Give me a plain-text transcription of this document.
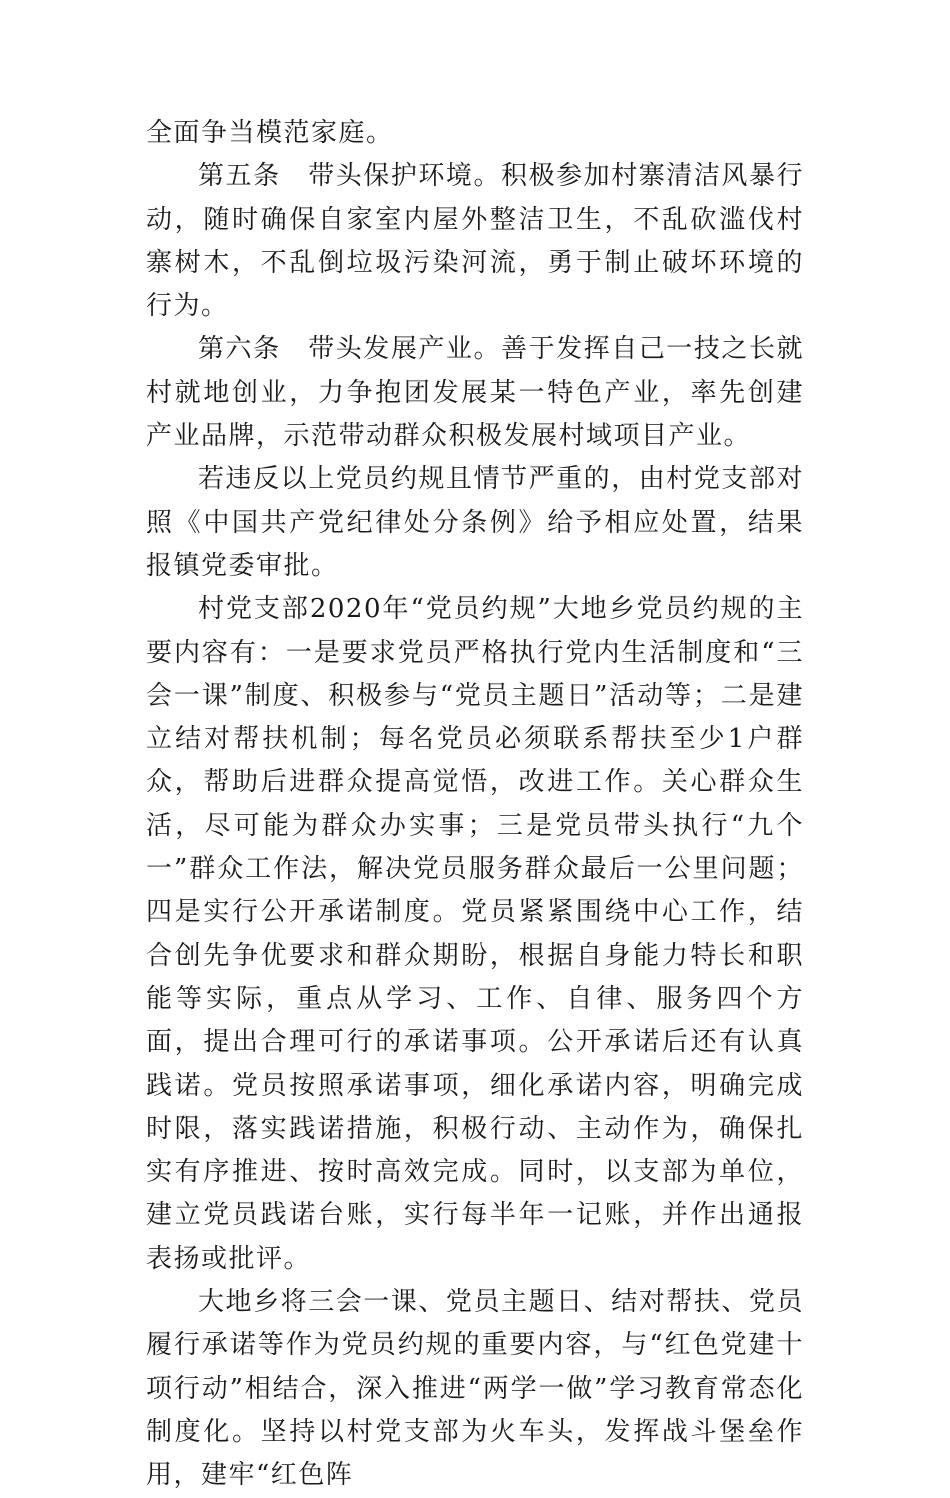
全面争当模范家庭。

第五条　带头保护环境。积极参加村寨清洁风暴行动，随时确保自家室内屋外整洁卫生，不乱砍滥伐村寨树木，不乱倒垃圾污染河流，勇于制止破坏环境的行为。

第六条　带头发展产业。善于发挥自己一技之长就村就地创业，力争抱团发展某一特色产业，率先创建产业品牌，示范带动群众积极发展村域项目产业。

若违反以上党员约规且情节严重的，由村党支部对照《中国共产党纪律处分条例》给予相应处置，结果报镇党委审批。

村党支部2020年“党员约规”大地乡党员约规的主要内容有：一是要求党员严格执行党内生活制度和“三会一课”制度、积极参与“党员主题日”活动等；二是建立结对帮扶机制；每名党员必须联系帮扶至少1户群众，帮助后进群众提高觉悟，改进工作。关心群众生活，尽可能为群众办实事；三是党员带头执行“九个一”群众工作法，解决党员服务群众最后一公里问题；四是实行公开承诺制度。党员紧紧围绕中心工作，结合创先争优要求和群众期盼，根据自身能力特长和职能等实际，重点从学习、工作、自律、服务四个方面，提出合理可行的承诺事项。公开承诺后还有认真践诺。党员按照承诺事项，细化承诺内容，明确完成时限，落实践诺措施，积极行动、主动作为，确保扎实有序推进、按时高效完成。同时，以支部为单位，建立党员践诺台账，实行每半年一记账，并作出通报表扬或批评。

大地乡将三会一课、党员主题日、结对帮扶、党员履行承诺等作为党员约规的重要内容，与“红色党建十项行动”相结合，深入推进“两学一做”学习教育常态化制度化。坚持以村党支部为火车头，发挥战斗堡垒作用，建牢“红色阵
